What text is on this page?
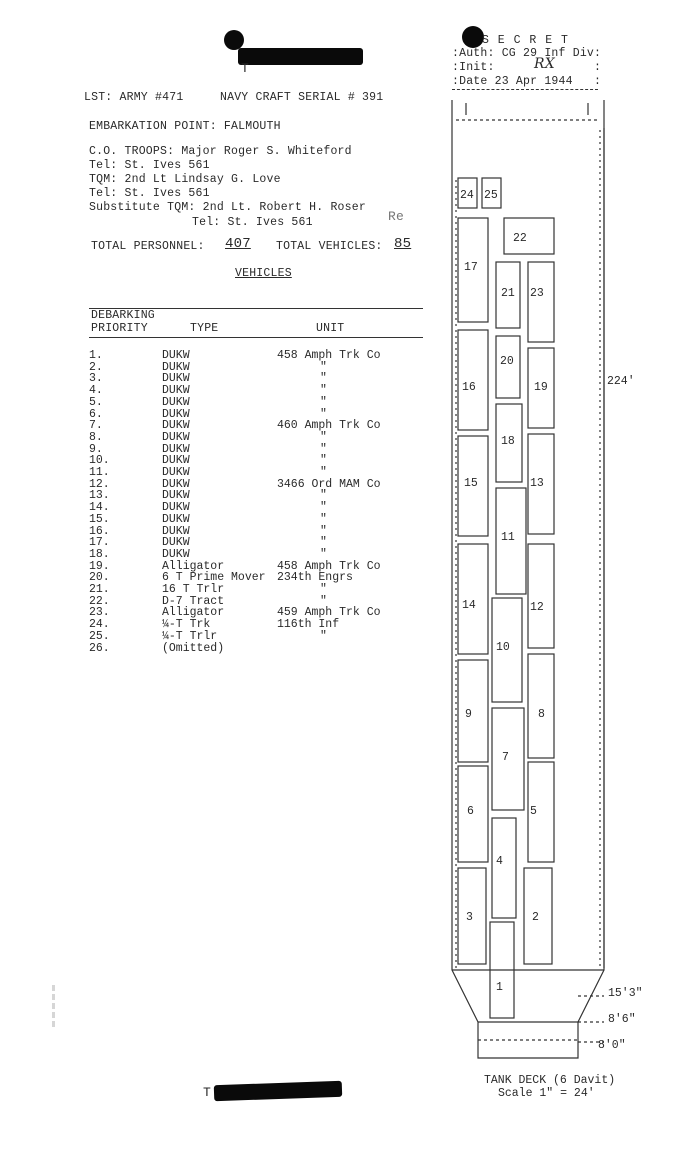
T
S E C R E T
:Auth: CG 29 Inf Div:
:Init:	RX
:Date 23 Apr 1944
:
:
LST: ARMY #471	NAVY CRAFT SERIAL # 391
EMBARKATION POINT: FALMOUTH
C.O. TROOPS: Major Roger S. Whiteford
Tel: St. Ives 561
TQM: 2nd Lt Lindsay G. Love
Tel: St. Ives 561
Substitute TQM: 2nd Lt. Robert H. Roser
Tel: St. Ives 561	Re
TOTAL PERSONNEL: 407 TOTAL VEHICLES: 85
VEHICLES
DEBARKING
PRIORITY	TYPE	UNIT
1.	DUKW	458 Amph Trk Co
2.	DUKW	"
3.	DUKW	"
4.	DUKW	"
5.	DUKW	"
6.	DUKW	"
7.	DUKW	460 Amph Trk Co
8.	DUKW	"
9.	DUKW	"
10.	DUKW	"
11.	DUKW	"
12.	DUKW	3466 Ord MAM Co
13.	DUKW	"
14.	DUKW	"
15.	DUKW	"
16.	DUKW	"
17.	DUKW	"
18.	DUKW	"
19.	Alligator	458 Amph Trk Co
20.	6 T Prime Mover 234th Engrs
21.	16 T Trlr	"
22.	D-7 Tract	"
23.	Alligator	459 Amph Trk Co
24.	¼-T Trk	116th Inf
25.	¼-T Trlr	"
26.	(Omitted)
T
24 25
22
17
21 23
16
20
19
18
15	13
11
14	12
10
9	8
7
6	5
4
3	2
1
224'
15'3"
8'6"
8'0"
TANK DECK (6 Davit)
Scale 1" = 24'
